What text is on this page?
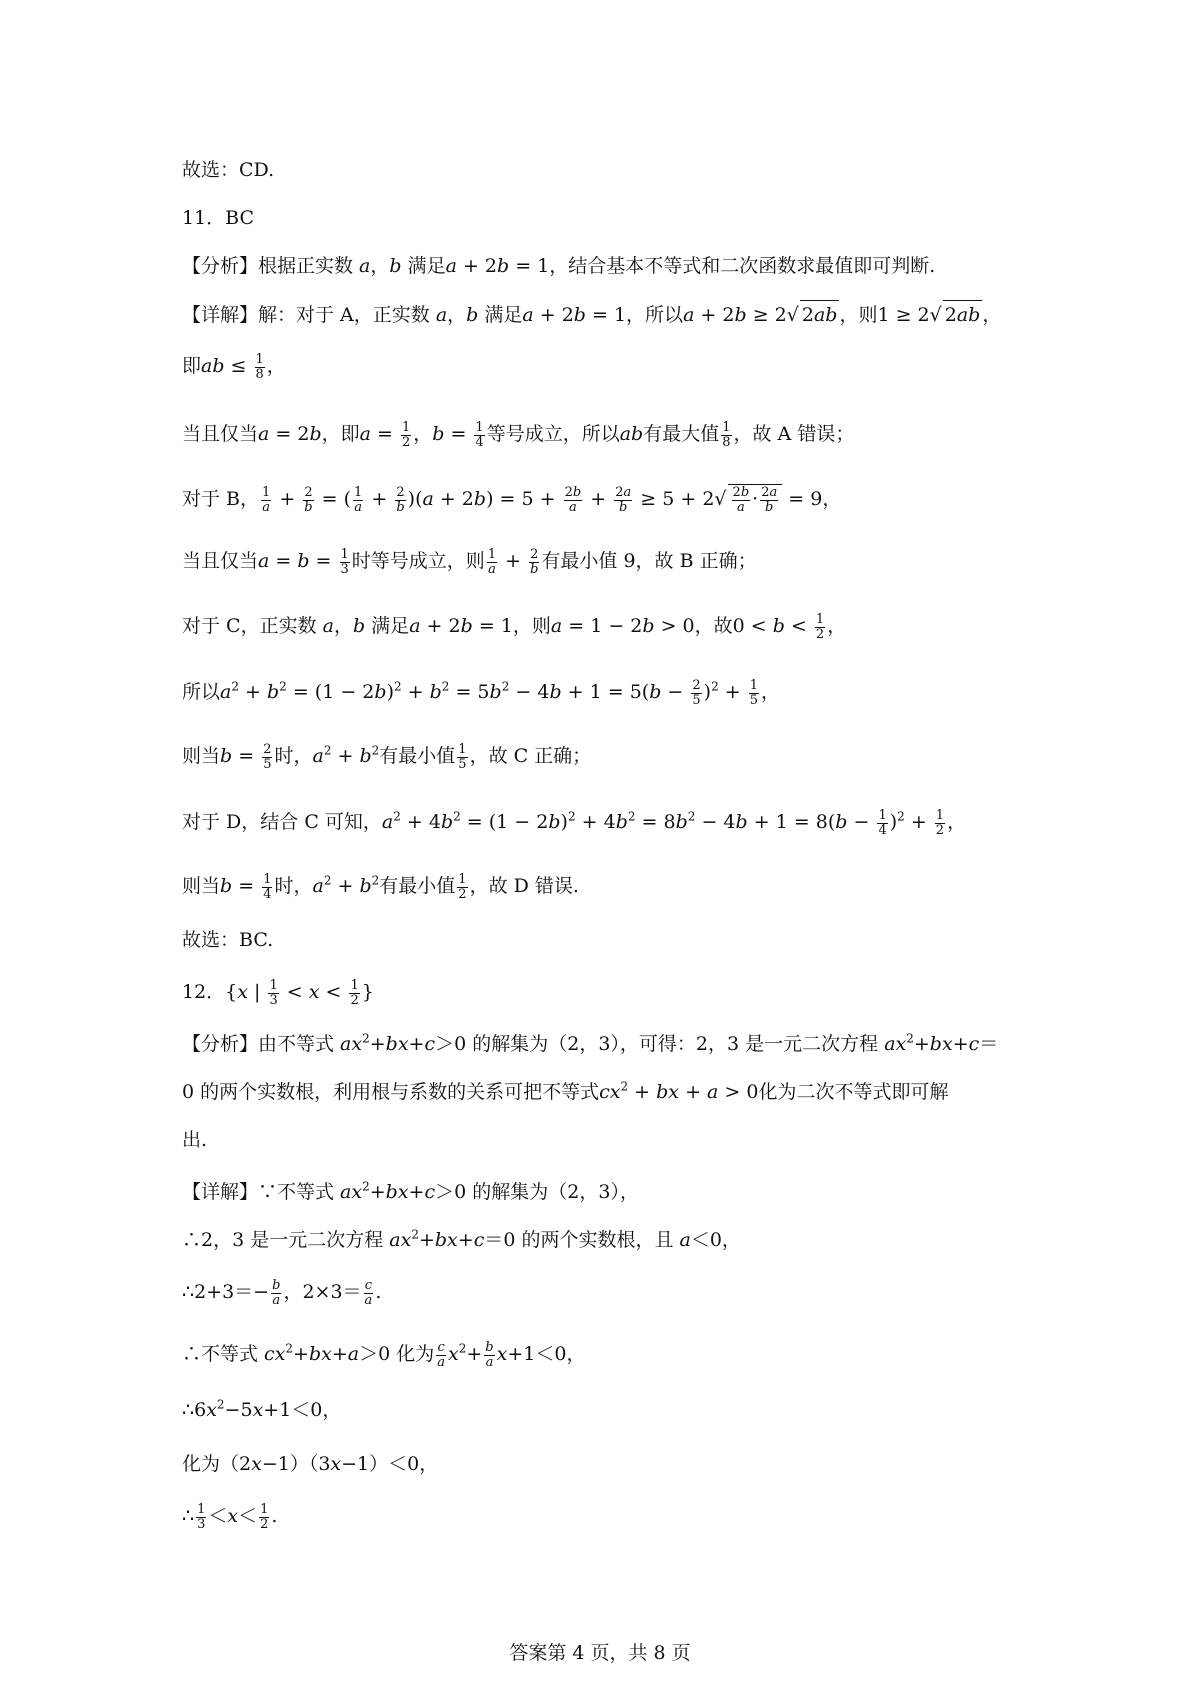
故选：CD.
11．BC
【分析】根据正实数 a，b 满足a + 2b = 1，结合基本不等式和二次函数求最值即可判断.
【详解】解：对于 A，正实数 a，b 满足a + 2b = 1，所以a + 2b ≥ 2√ 2ab ，则1 ≥ 2√ 2ab ，
即ab ≤ $\frac{1}{8}$ ，
当且仅当a = 2b，即$a = \frac{1}{2}$ ，$b = \frac{1}{4}$ 等号成立，所以ab有最大值 $\frac{1}{8}$ ，故 A 错误；
对于 B， $\frac{1}{a} + \frac{2}{b}$ = ( $\frac{1}{a} + \frac{2}{b} )(a + 2b) = 5 + \frac{2b}{a} + \frac{2a}{b} \ge 5 + 2√ \frac{2b}{a} \cdot \frac{2a}{b} = 9$，
当且仅当$a = b = \frac{1}{3}$ 时等号成立，则 $\frac{1}{a} + \frac{2}{b}$ 有最小值 9，故 B 正确；
对于 C，正实数 a，b 满足a + 2b = 1，则a = 1 − 2b > 0，故$0 < b < \frac{1}{2}$ ，
所以$a^2 + b^2 = (1 - 2b)^2 + b^2 = 5b^2 - 4b + 1 = 5(b - \frac{2}{5} )^2 + \frac{1}{5}$ ，
则当$b = \frac{2}{5}$ 时，$a^2 + b^2$有最小值 $\frac{1}{5}$ ，故 C 正确；
对于 D，结合 C 可知，$a^2 + 4b^2 = (1 - 2b)^2 + 4b^2 = 8b^2 - 4b + 1 = 8(b - \frac{1}{4} )^2 + \frac{1}{2}$ ，
则当$b = \frac{1}{4}$ 时，$a^2 + b^2$有最小值 $\frac{1}{2}$ ，故 D 错误.
故选：BC.
12．{x | $\frac{1}{3} < x < \frac{1}{2}$ }
【分析】由不等式 $ax^2+bx+c>0$ 的解集为（2，3），可得：2，3 是一元二次方程 $ax^2+bx+c=$
0 的两个实数根，利用根与系数的关系可把不等式$cx^2$ + bx + a > 0化为二次不等式即可解
出.
【详解】∵不等式 $ax^2+bx+c>0$ 的解集为（2，3），
∴2，3 是一元二次方程 $ax^2+bx+c=0$ 的两个实数根，且 a＜0，
∴2+3＝− $\frac{b}{a}$ ，$2\times 3= \frac{c}{a}$ .
∴不等式 $cx^2+bx+a>0$ 化为 $\frac{c}{a} x^2+ \frac{b}{a} x+1<0$，
$\therefore 6x^2-5x+1<0$，
化为（2x−1）（3x−1）＜0，
∴ $\frac{1}{3} <x< \frac{1}{2}$ .
答案第 4 页，共 8 页
